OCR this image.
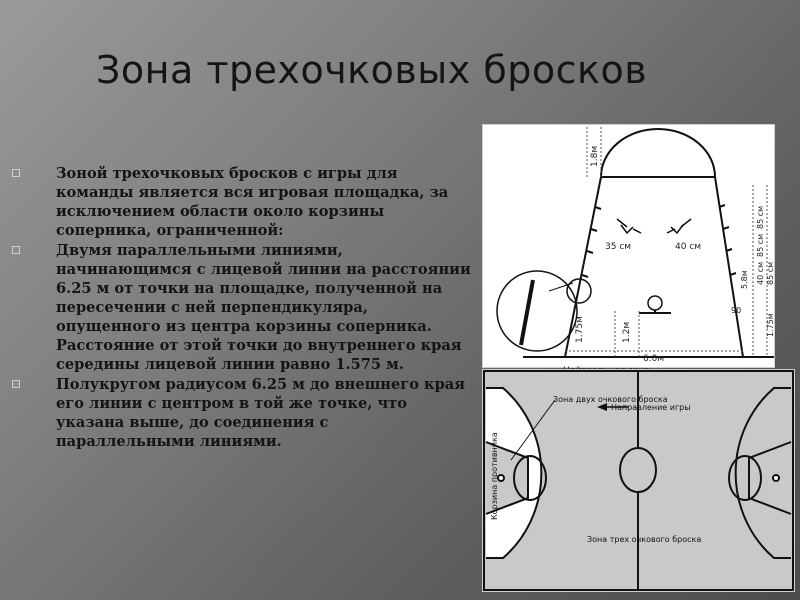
Зона трехочковых бросков
Зоной трехочковых бросков с игры для команды является вся игровая площадка, за исключением области около корзины соперника, ограниченной:
Двумя параллельными линиями, начинающимся с лицевой линии на расстоянии 6.25 м от точки на площадке, полученной на пересечении с ней перпендикуляра, опущенного из центра корзины соперника. Расстояние от этой точки до внутреннего края середины лицевой линии равно 1.575 м.
Полукругом радиусом 6.25 м до внешнего края его линии с центром в той же точке, что указана выше, до соединения с параллельными линиями.
1.8м
1.75м	1.2м
6.0м
35 см	40 см
5.8м
90
1.75м
85 см
85 см
40 см 85 см
Зона двух очкового броска
Направление игры
Корзина противника
Зона трех очкового броска
